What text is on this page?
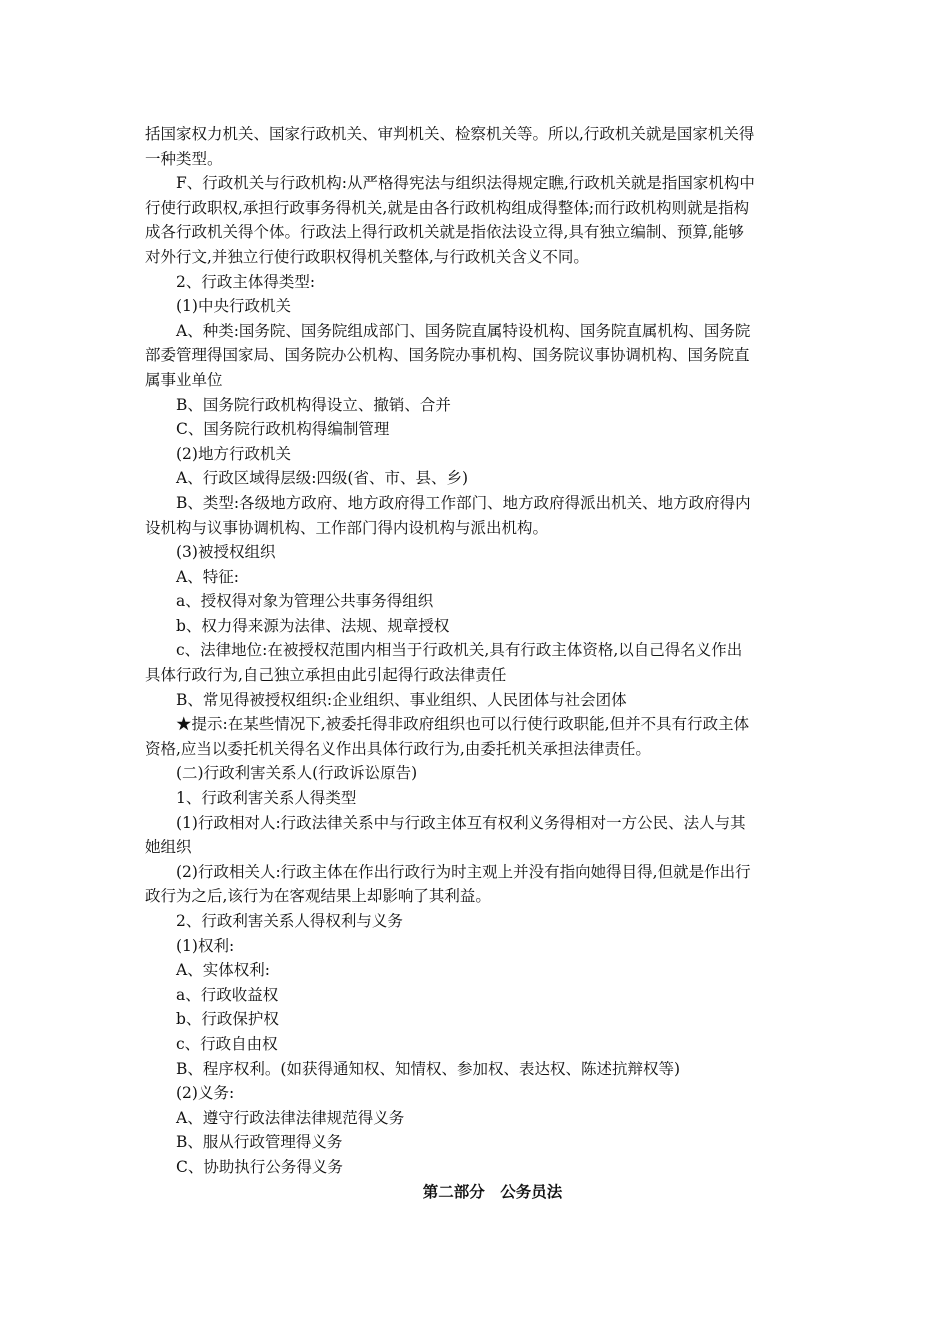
括国家权力机关、国家行政机关、审判机关、检察机关等。所以,行政机关就是国家机关得
一种类型。
F、行政机关与行政机构:从严格得宪法与组织法得规定瞧,行政机关就是指国家机构中
行使行政职权,承担行政事务得机关,就是由各行政机构组成得整体;而行政机构则就是指构
成各行政机关得个体。行政法上得行政机关就是指依法设立得,具有独立编制、预算,能够
对外行文,并独立行使行政职权得机关整体,与行政机关含义不同。
2、行政主体得类型:
(1)中央行政机关
A、种类:国务院、国务院组成部门、国务院直属特设机构、国务院直属机构、国务院
部委管理得国家局、国务院办公机构、国务院办事机构、国务院议事协调机构、国务院直
属事业单位
B、国务院行政机构得设立、撤销、合并
C、国务院行政机构得编制管理
(2)地方行政机关
A、行政区域得层级:四级(省、市、县、乡)
B、类型:各级地方政府、地方政府得工作部门、地方政府得派出机关、地方政府得内
设机构与议事协调机构、工作部门得内设机构与派出机构。
(3)被授权组织
A、特征:
a、授权得对象为管理公共事务得组织
b、权力得来源为法律、法规、规章授权
c、法律地位:在被授权范围内相当于行政机关,具有行政主体资格,以自己得名义作出
具体行政行为,自己独立承担由此引起得行政法律责任
B、常见得被授权组织:企业组织、事业组织、人民团体与社会团体
★提示:在某些情况下,被委托得非政府组织也可以行使行政职能,但并不具有行政主体
资格,应当以委托机关得名义作出具体行政行为,由委托机关承担法律责任。
(二)行政利害关系人(行政诉讼原告)
1、行政利害关系人得类型
(1)行政相对人:行政法律关系中与行政主体互有权利义务得相对一方公民、法人与其
她组织
(2)行政相关人:行政主体在作出行政行为时主观上并没有指向她得目得,但就是作出行
政行为之后,该行为在客观结果上却影响了其利益。
2、行政利害关系人得权利与义务
(1)权利:
A、实体权利:
a、行政收益权
b、行政保护权
c、行政自由权
B、程序权利。(如获得通知权、知情权、参加权、表达权、陈述抗辩权等)
(2)义务:
A、遵守行政法律法律规范得义务
B、服从行政管理得义务
C、协助执行公务得义务
第二部分　公务员法
